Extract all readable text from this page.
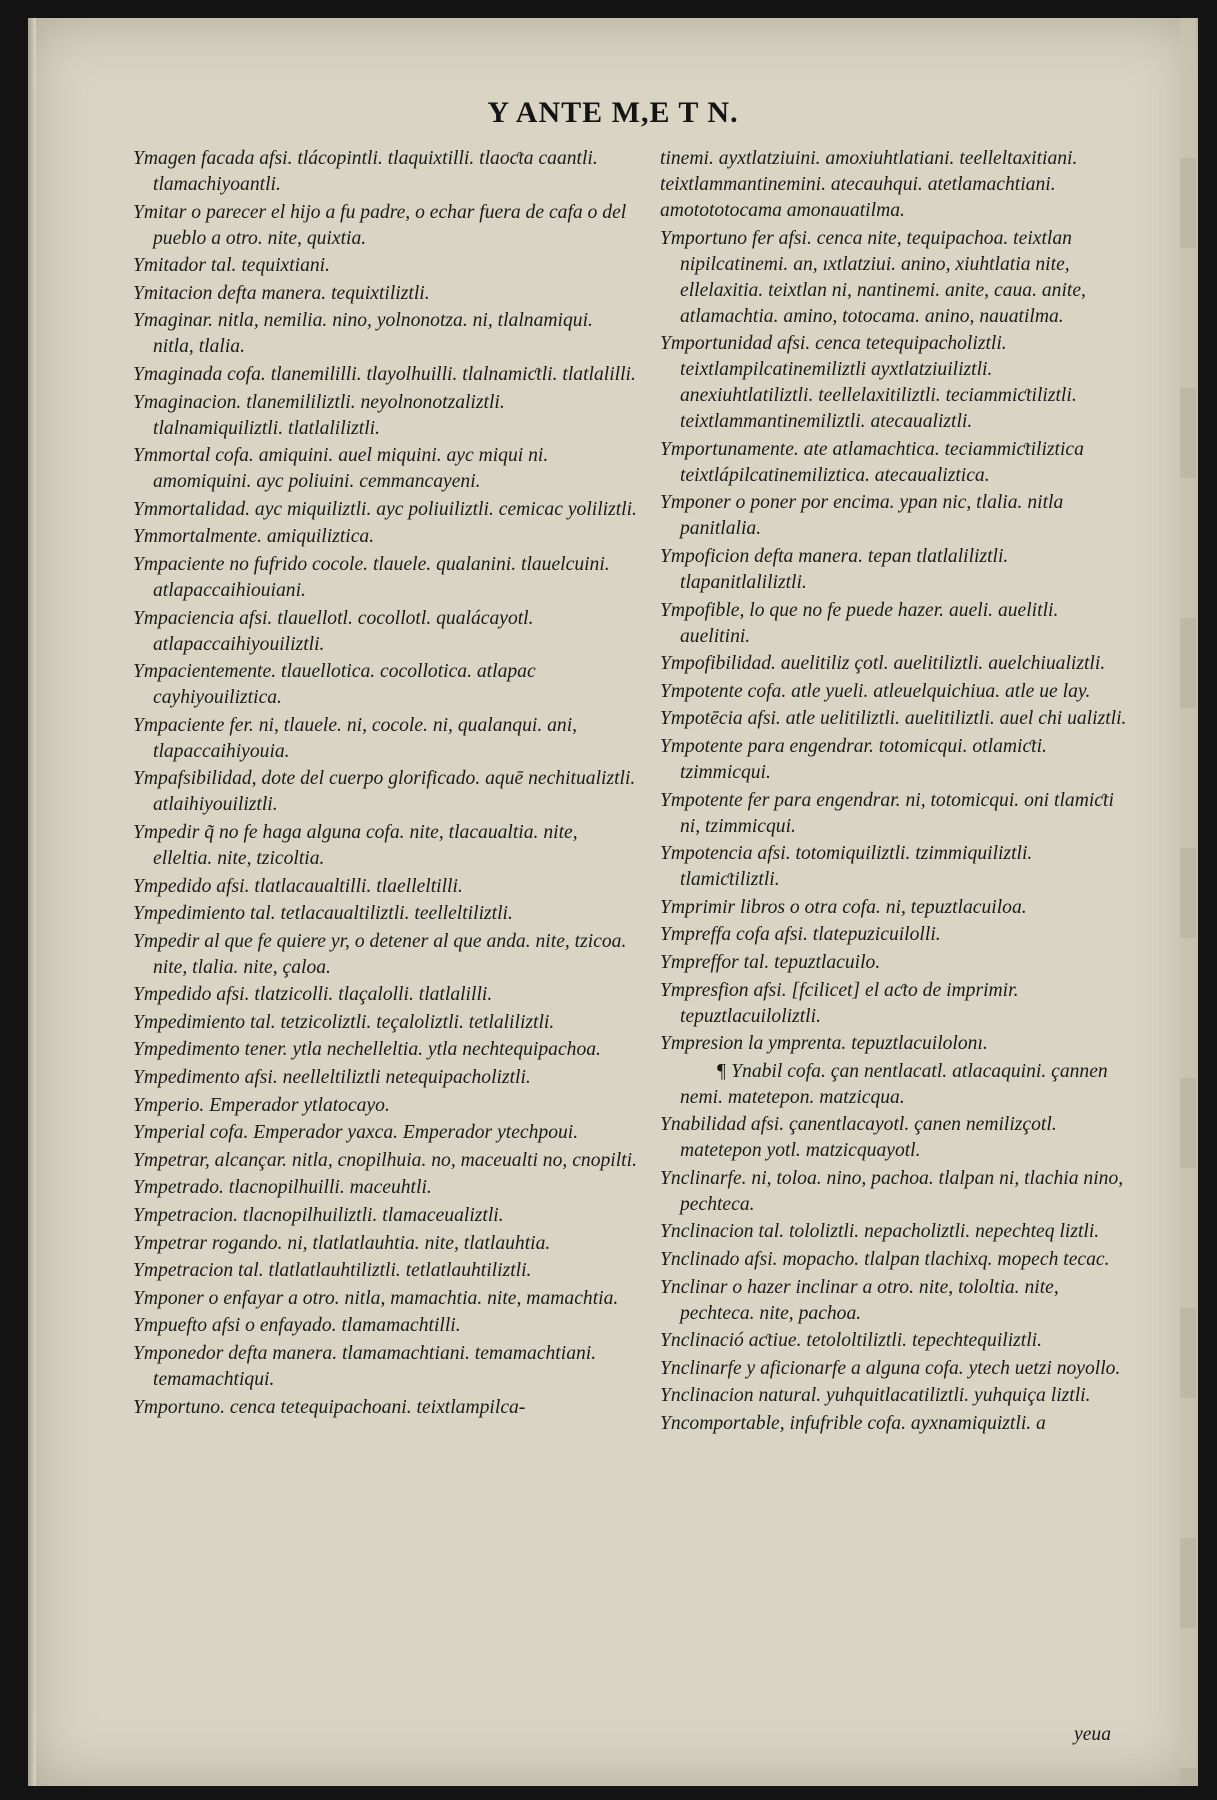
Y ANTE M,E T N.
Ymagen facada afsi. tlácopintli. tlaquixtilli. tlaoƈta caantli. tlamachiyoantli.
Ymitar o parecer el hijo a fu padre, o echar fuera de cafa o del pueblo a otro. nite, quixtia.
Ymitador tal. tequixtiani.
Ymitacion defta manera. tequixtiliztli.
Ymaginar. nitla, nemilia. nino, yolnonotza. ni, tlalnamiqui. nitla, tlalia.
Ymaginada cofa. tlanemililli. tlayolhuilli. tlalnamiƈtli. tlatlalilli.
Ymaginacion. tlanemililiztli. neyolnonotzaliztli. tlalnamiquiliztli. tlatlaliliztli.
Ymmortal cofa. amiquini. auel miquini. ayc miqui ni. amomiquini. ayc poliuini. cemmancayeni.
Ymmortalidad. ayc miquiliztli. ayc poliuiliztli. cemicac yoliliztli.
Ymmortalmente. amiquiliztica.
Ympaciente no fufrido cocole. tlauele. qualanini. tlauelcuini. atlapaccaihiouiani.
Ympaciencia afsi. tlauellotl. cocollotl. qualácayotl. atlapaccaihiyouiliztli.
Ympacientemente. tlauellotica. cocollotica. atlapac cayhiyouiliztica.
Ympaciente fer. ni, tlauele. ni, cocole. ni, qualanqui. ani, tlapaccaihiyouia.
Ympafsibilidad, dote del cuerpo glorificado. aquē nechitualiztli. atlaihiyouiliztli.
Ympedir q̃ no fe haga alguna cofa. nite, tlacaualtia. nite, elleltia. nite, tzicoltia.
Ympedido afsi. tlatlacaualtilli. tlaelleltilli.
Ympedimiento tal. tetlacaualtiliztli. teelleltiliztli.
Ympedir al que fe quiere yr, o detener al que anda. nite, tzicoa. nite, tlalia. nite, çaloa.
Ympedido afsi. tlatzicolli. tlaçalolli. tlatlalilli.
Ympedimiento tal. tetzicoliztli. teçaloliztli. tetlaliliztli.
Ympedimento tener. ytla nechelleltia. ytla nechtequipachoa.
Ympedimento afsi. neelleltiliztli netequipacholiztli.
Ymperio. Emperador ytlatocayo.
Ymperial cofa. Emperador yaxca. Emperador ytechpoui.
Ympetrar, alcançar. nitla, cnopilhuia. no, maceualti no, cnopilti.
Ympetrado. tlacnopilhuilli. maceuhtli.
Ympetracion. tlacnopilhuiliztli. tlamaceualiztli.
Ympetrar rogando. ni, tlatlatlauhtia. nite, tlatlauhtia.
Ympetracion tal. tlatlatlauhtiliztli. tetlatlauhtiliztli.
Ymponer o enfayar a otro. nitla, mamachtia. nite, mamachtia.
Ympuefto afsi o enfayado. tlamamachtilli.
Ymponedor defta manera. tlamamachtiani. temamachtiani. temamachtiqui.
Ymportuno. cenca tetequipachoani. teixtlampilca-
tinemi. ayxtlatziuini. amoxiuhtlatiani. teelleltaxitiani. teixtlammantinemini. atecauhqui. atetlamachtiani. amotototocama amonauatilma.
Ymportuno fer afsi. cenca nite, tequipachoa. teixtlan nipilcatinemi. an, ıxtlatziui. anino, xiuhtlatia nite, ellelaxitia. teixtlan ni, nantinemi. anite, caua. anite, atlamachtia. amino, totocama. anino, nauatilma.
Ymportunidad afsi. cenca tetequipacholiztli. teixtlampilcatinemiliztli ayxtlatziuiliztli. anexiuhtlatiliztli. teellelaxitiliztli. teciammiƈtiliztli. teixtlammantinemiliztli. atecaualiztli.
Ymportunamente. ate atlamachtica. teciammiƈtiliztica teixtlápilcatinemiliztica. atecaualiztica.
Ymponer o poner por encima. ypan nic, tlalia. nitla panitlalia.
Ympoficion defta manera. tepan tlatlaliliztli. tlapanitlaliliztli.
Ympofible, lo que no fe puede hazer. aueli. auelitli. auelitini.
Ympofibilidad. auelitiliz çotl. auelitiliztli. auelchiualiztli.
Ympotente cofa. atle yueli. atleuelquichiua. atle ue lay.
Ympotēcia afsi. atle uelitiliztli. auelitiliztli. auel chi ualiztli.
Ympotente para engendrar. totomicqui. otlamiƈti. tzimmicqui.
Ympotente fer para engendrar. ni, totomicqui. oni tlamiƈti ni, tzimmicqui.
Ympotencia afsi. totomiquiliztli. tzimmiquiliztli. tlamiƈtiliztli.
Ymprimir libros o otra cofa. ni, tepuztlacuiloa.
Ympreffa cofa afsi. tlatepuzicuilolli.
Ympreffor tal. tepuztlacuilo.
Ympresfion afsi. [fcilicet] el aƈto de imprimir. tepuztlacuiloliztli.
Ympresion la ymprenta. tepuztlacuilolonı.
¶ Ynabil cofa. çan nentlacatl. atlacaquini. çannen nemi. matetepon. matzicqua.
Ynabilidad afsi. çanentlacayotl. çanen nemilizçotl. matetepon yotl. matzicquayotl.
Ynclinarfe. ni, toloa. nino, pachoa. tlalpan ni, tlachia nino, pechteca.
Ynclinacion tal. tololiztli. nepacholiztli. nepechteq liztli.
Ynclinado afsi. mopacho. tlalpan tlachixq. mopech tecac.
Ynclinar o hazer inclinar a otro. nite, tololtia. nite, pechteca. nite, pachoa.
Ynclinació aƈtiue. tetololtiliztli. tepechtequiliztli.
Ynclinarfe y aficionarfe a alguna cofa. ytech uetzi noyollo.
Ynclinacion natural. yuhquitlacatiliztli. yuhquiça liztli.
Yncomportable, infufrible cofa. ayxnamiquiztli. a
yeua
